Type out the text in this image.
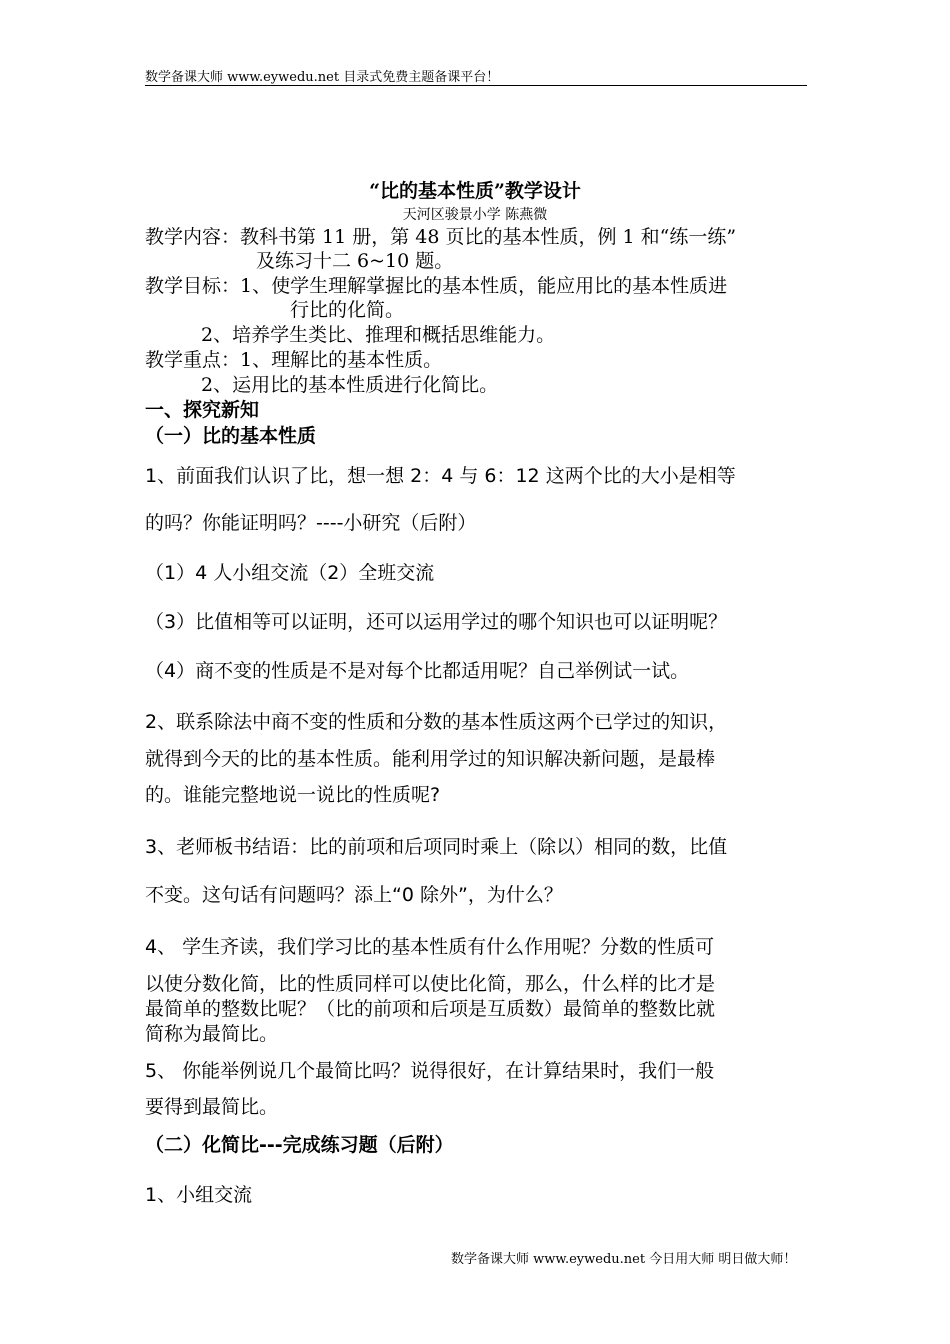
数学备课大师 www.eywedu.net 目录式免费主题备课平台！
“比的基本性质”教学设计
天河区骏景小学 陈燕微
教学内容：教科书第 11 册，第 48 页比的基本性质，例 1 和“练一练”
及练习十二 6~10 题。
教学目标：1、使学生理解掌握比的基本性质，能应用比的基本性质进
行比的化简。
2、培养学生类比、推理和概括思维能力。
教学重点：1、理解比的基本性质。
2、运用比的基本性质进行化简比。
一、探究新知
（一）比的基本性质
1、前面我们认识了比，想一想 2：4 与 6：12 这两个比的大小是相等
的吗？你能证明吗？----小研究（后附）
（1）4 人小组交流（2）全班交流
（3）比值相等可以证明，还可以运用学过的哪个知识也可以证明呢？
（4）商不变的性质是不是对每个比都适用呢？自己举例试一试。
2、联系除法中商不变的性质和分数的基本性质这两个已学过的知识，
就得到今天的比的基本性质。能利用学过的知识解决新问题，是最棒
的。谁能完整地说一说比的性质呢?
3、老师板书结语：比的前项和后项同时乘上（除以）相同的数，比值
不变。这句话有问题吗？添上“0 除外”，为什么？
4、 学生齐读，我们学习比的基本性质有什么作用呢？分数的性质可
以使分数化简，比的性质同样可以使比化简，那么，什么样的比才是
最简单的整数比呢？（比的前项和后项是互质数）最简单的整数比就
简称为最简比。
5、 你能举例说几个最简比吗？说得很好，在计算结果时，我们一般
要得到最简比。
（二）化简比---完成练习题（后附）
1、小组交流
数学备课大师 www.eywedu.net 今日用大师 明日做大师！
